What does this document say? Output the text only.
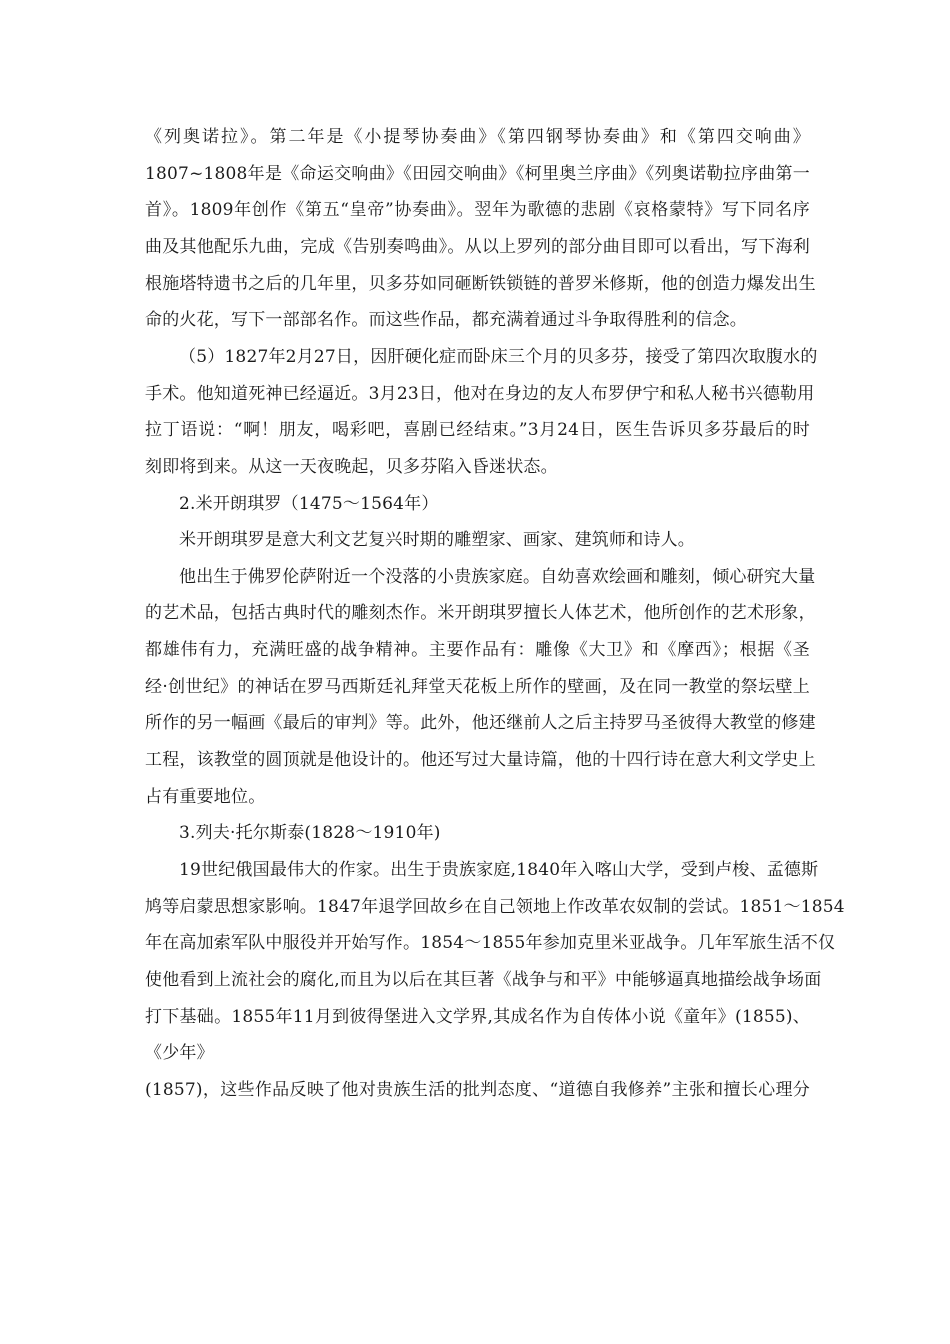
《列奥诺拉》。第二年是《小提琴协奏曲》《第四钢琴协奏曲》和《第四交响曲》
1807~1808年是《命运交响曲》《田园交响曲》《柯里奥兰序曲》《列奥诺勒拉序曲第一
首》。1809年创作《第五“皇帝”协奏曲》。翌年为歌德的悲剧《哀格蒙特》写下同名序
曲及其他配乐九曲，完成《告别奏鸣曲》。从以上罗列的部分曲目即可以看出，写下海利
根施塔特遗书之后的几年里，贝多芬如同砸断铁锁链的普罗米修斯，他的创造力爆发出生
命的火花，写下一部部名作。而这些作品，都充满着通过斗争取得胜利的信念。
（5）1827年2月27日，因肝硬化症而卧床三个月的贝多芬，接受了第四次取腹水的
手术。他知道死神已经逼近。3月23日，他对在身边的友人布罗伊宁和私人秘书兴德勒用
拉丁语说：“啊！朋友，喝彩吧，喜剧已经结束。”3月24日，医生告诉贝多芬最后的时
刻即将到来。从这一天夜晚起，贝多芬陷入昏迷状态。
2.米开朗琪罗（1475～1564年）
米开朗琪罗是意大利文艺复兴时期的雕塑家、画家、建筑师和诗人。
他出生于佛罗伦萨附近一个没落的小贵族家庭。自幼喜欢绘画和雕刻，倾心研究大量
的艺术品，包括古典时代的雕刻杰作。米开朗琪罗擅长人体艺术，他所创作的艺术形象，
都雄伟有力，充满旺盛的战争精神。主要作品有：雕像《大卫》和《摩西》；根据《圣
经·创世纪》的神话在罗马西斯廷礼拜堂天花板上所作的壁画，及在同一教堂的祭坛壁上
所作的另一幅画《最后的审判》等。此外，他还继前人之后主持罗马圣彼得大教堂的修建
工程，该教堂的圆顶就是他设计的。他还写过大量诗篇，他的十四行诗在意大利文学史上
占有重要地位。
3.列夫·托尔斯泰(1828～1910年)
19世纪俄国最伟大的作家。出生于贵族家庭,1840年入喀山大学，受到卢梭、孟德斯
鸠等启蒙思想家影响。1847年退学回故乡在自己领地上作改革农奴制的尝试。1851～1854
年在高加索军队中服役并开始写作。1854～1855年参加克里米亚战争。几年军旅生活不仅
使他看到上流社会的腐化,而且为以后在其巨著《战争与和平》中能够逼真地描绘战争场面
打下基础。1855年11月到彼得堡进入文学界,其成名作为自传体小说《童年》(1855)、
《少年》
(1857)，这些作品反映了他对贵族生活的批判态度、“道德自我修养”主张和擅长心理分
